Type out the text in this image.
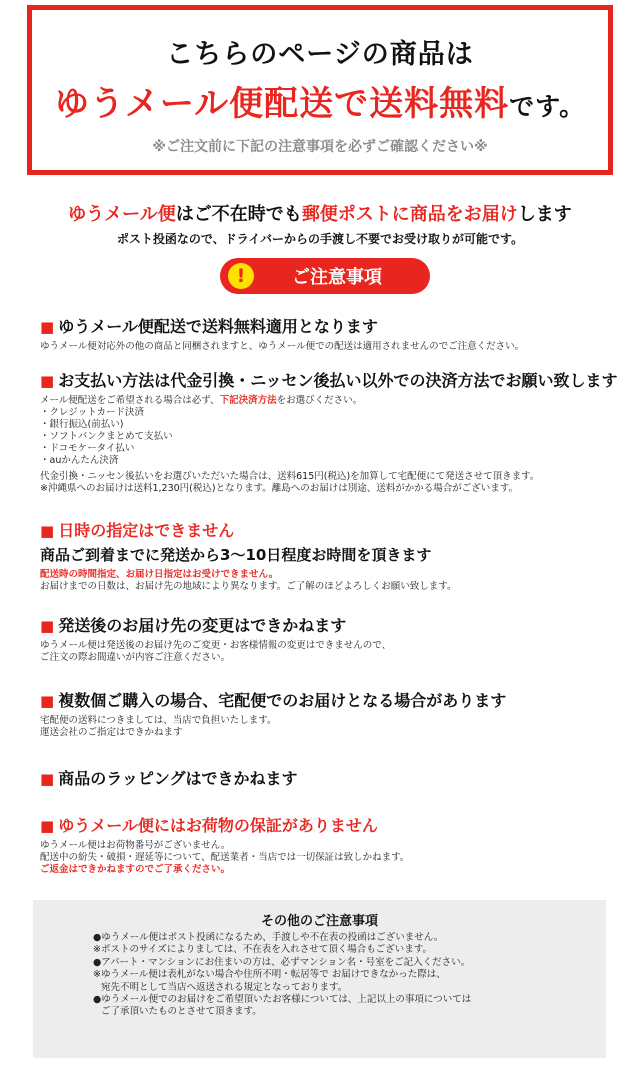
こちらのページの商品は
ゆうメール便配送で送料無料です。
※ご注文前に下記の注意事項を必ずご確認ください※
ゆうメール便はご不在時でも郵便ポストに商品をお届けします
ポスト投函なので、ドライバーからの手渡し不要でお受け取りが可能です。
!	ご注意事項
■ ゆうメール便配送で送料無料適用となります
ゆうメール便対応外の他の商品と同梱されますと、ゆうメール便での配送は適用されませんのでご注意ください。
■ お支払い方法は代金引換・ニッセン後払い以外での決済方法でお願い致します
メール便配送をご希望される場合は必ず、下記決済方法をお選びください。
・クレジットカード決済
・銀行振込(前払い)
・ソフトバンクまとめて支払い
・ドコモケータイ払い
・auかんたん決済
代金引換・ニッセン後払いをお選びいただいた場合は、送料615円(税込)を加算して宅配便にて発送させて頂きます。
※沖縄県へのお届けは送料1,230円(税込)となります。離島へのお届けは別途、送料がかかる場合がございます。
■ 日時の指定はできません
商品ご到着までに発送から3〜10日程度お時間を頂きます
配送時の時間指定、お届け日指定はお受けできません。
お届けまでの日数は、お届け先の地域により異なります。ご了解のほどよろしくお願い致します。
■ 発送後のお届け先の変更はできかねます
ゆうメール便は発送後のお届け先のご変更・お客様情報の変更はできませんので、
ご注文の際お間違いが内容ご注意ください。
■ 複数個ご購入の場合、宅配便でのお届けとなる場合があります
宅配便の送料につきましては、当店で負担いたします。
運送会社のご指定はできかねます
■ 商品のラッピングはできかねます
■ ゆうメール便にはお荷物の保証がありません
ゆうメール便はお荷物番号がございません。
配送中の紛失・破損・遅延等について、配送業者・当店では一切保証は致しかねます。
ご返金はできかねますのでご了承ください。
その他のご注意事項
● ゆうメール便はポスト投函になるため、手渡しや不在表の投函はございません。
※ポストのサイズによりましては、不在表を入れさせて頂く場合もございます。
● アパート・マンションにお住まいの方は、必ずマンション名・号室をご記入ください。
※ゆうメール便は表札がない場合や住所不明・転居等で お届けできなかった際は、
宛先不明として当店へ返送される規定となっております。
● ゆうメール便でのお届けをご希望頂いたお客様については、上記以上の事項については
ご了承頂いたものとさせて頂きます。
